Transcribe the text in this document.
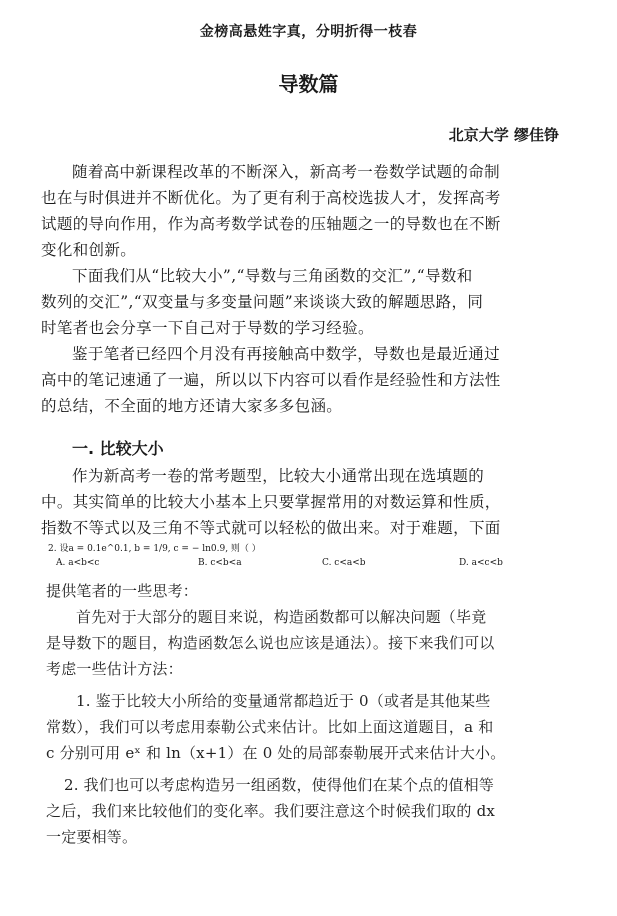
金榜高悬姓字真，分明折得一枝春
导数篇
北京大学 缪佳铮
随着高中新课程改革的不断深入，新高考一卷数学试题的命制
也在与时俱进并不断优化。为了更有利于高校选拔人才，发挥高考
试题的导向作用，作为高考数学试卷的压轴题之一的导数也在不断
变化和创新。
下面我们从“比较大小”,“导数与三角函数的交汇”,“导数和
数列的交汇”,“双变量与多变量问题”来谈谈大致的解题思路，同
时笔者也会分享一下自己对于导数的学习经验。
鉴于笔者已经四个月没有再接触高中数学，导数也是最近通过
高中的笔记速通了一遍，所以以下内容可以看作是经验性和方法性
的总结，不全面的地方还请大家多多包涵。
一. 比较大小
作为新高考一卷的常考题型，比较大小通常出现在选填题的
中。其实简单的比较大小基本上只要掌握常用的对数运算和性质，
指数不等式以及三角不等式就可以轻松的做出来。对于难题，下面
2. 设a = 0.1e^0.1, b = 1/9, c = − ln0.9, 则（ ）
A. a<b<c	B. c<b<a	C. c<a<b	D. a<c<b
提供笔者的一些思考：
首先对于大部分的题目来说，构造函数都可以解决问题（毕竟
是导数下的题目，构造函数怎么说也应该是通法）。接下来我们可以
考虑一些估计方法：
1. 鉴于比较大小所给的变量通常都趋近于 0（或者是其他某些
常数），我们可以考虑用泰勒公式来估计。比如上面这道题目，a 和
c 分别可用 eˣ 和 ln（x+1）在 0 处的局部泰勒展开式来估计大小。
2. 我们也可以考虑构造另一组函数，使得他们在某个点的值相等
之后，我们来比较他们的变化率。我们要注意这个时候我们取的 dx
一定要相等。
